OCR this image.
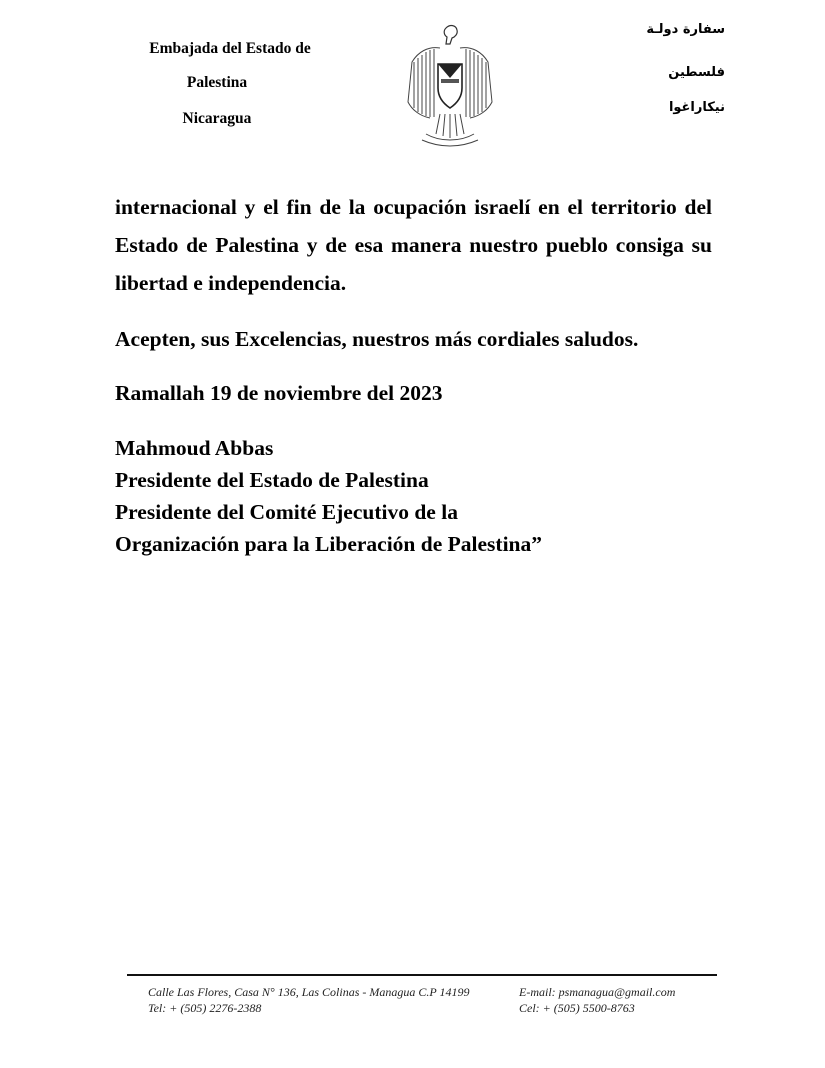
Embajada del Estado de
Palestina
Nicaragua
سفارة دولـة
فلسطين
نيكاراغوا
internacional y el fin de la ocupación israelí en el territorio del Estado de Palestina y de esa manera nuestro pueblo consiga su libertad e independencia.
Acepten, sus Excelencias, nuestros más cordiales saludos.
Ramallah 19 de noviembre del 2023
Mahmoud Abbas
Presidente del Estado de Palestina
Presidente del Comité Ejecutivo de la
Organización para la Liberación de Palestina”
Calle Las Flores, Casa N° 136, Las Colinas - Managua C.P 14199
Tel: + (505) 2276-2388
E-mail: psmanagua@gmail.com
Cel: + (505) 5500-8763
